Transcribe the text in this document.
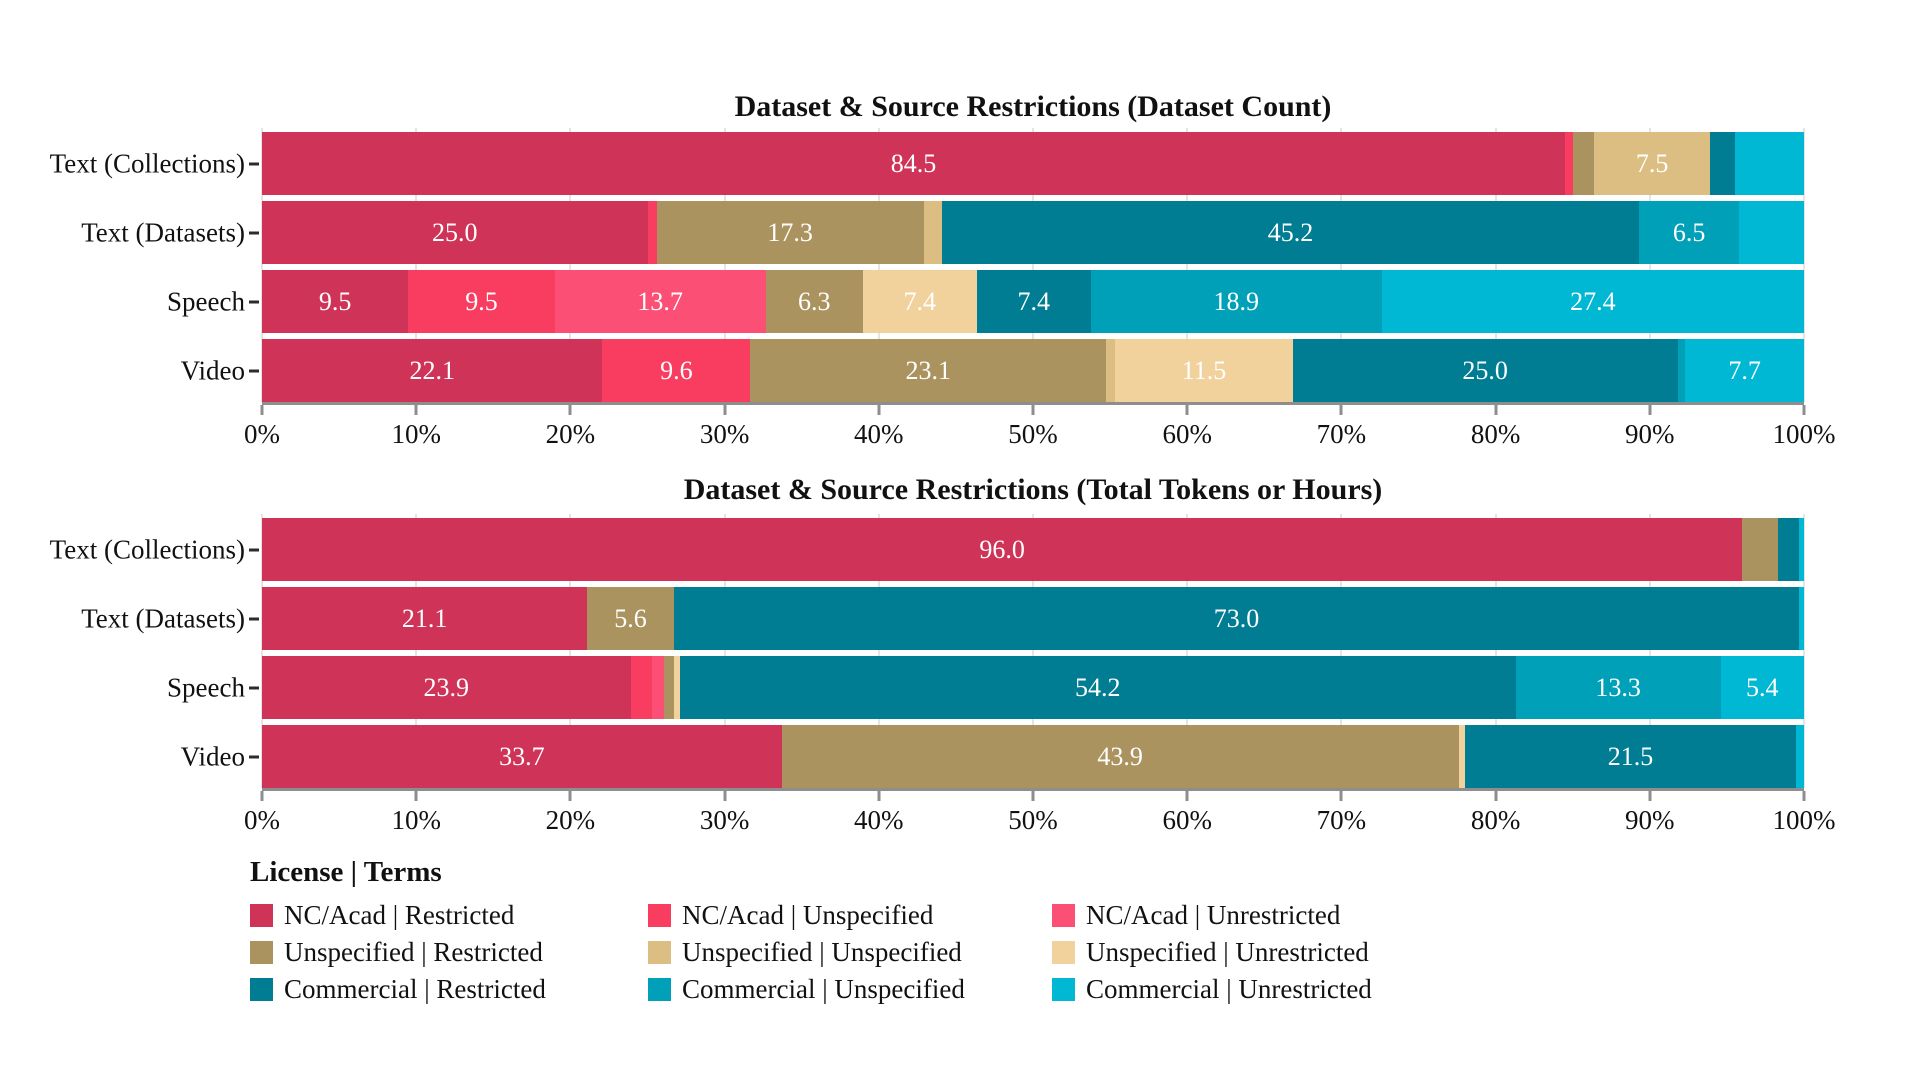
Dataset & Source Restrictions (Dataset Count)
Text (Collections)	84.5	7.5
Text (Datasets)	25.0	17.3	45.2	6.5
Speech	9.5	9.5	13.7	6.3	7.4	7.4	18.9	27.4
Video	22.1	9.6	23.1	11.5	25.0	7.7
0%	10%	20%	30%	40%	50%	60%	70%	80%	90%	100%
Dataset & Source Restrictions (Total Tokens or Hours)
Text (Collections)	96.0
Text (Datasets)	21.1	5.6	73.0
Speech	23.9	54.2	13.3	5.4
Video	33.7	43.9	21.5
0%	10%	20%	30%	40%	50%	60%	70%	80%	90%	100%
License | Terms
NC/Acad | Restricted	NC/Acad | Unspecified	NC/Acad | Unrestricted
Unspecified | Restricted	Unspecified | Unspecified	Unspecified | Unrestricted
Commercial | Restricted	Commercial | Unspecified	Commercial | Unrestricted
